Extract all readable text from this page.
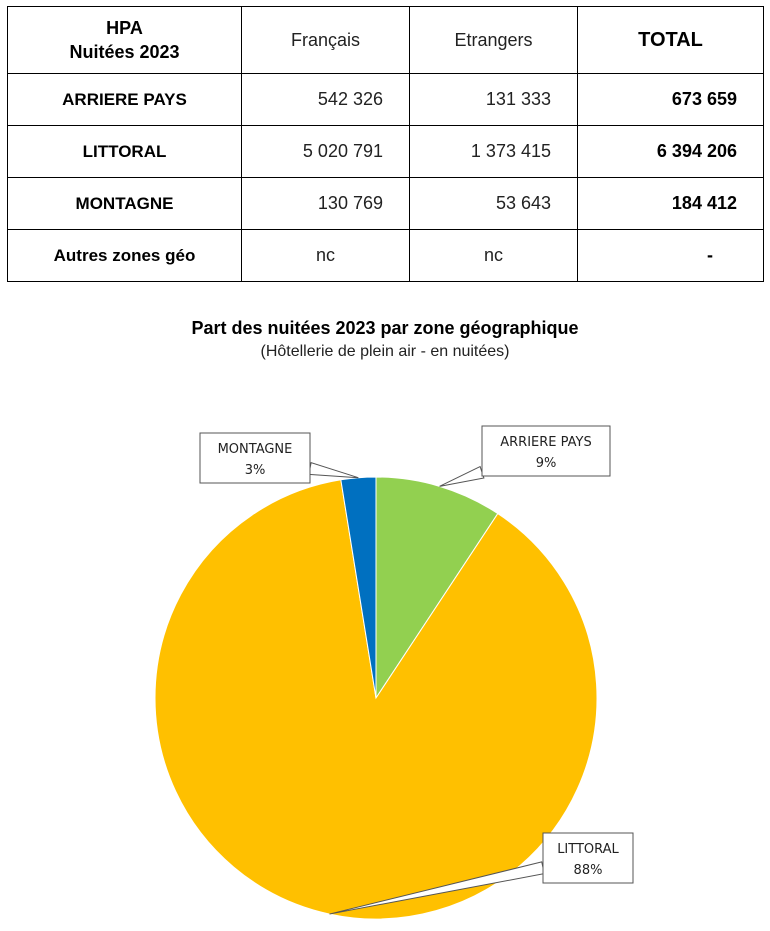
HPA
Nuitées 2023	Français	Etrangers	TOTAL
ARRIERE PAYS	542 326	131 333	673 659
LITTORAL	5 020 791	1 373 415	6 394 206
MONTAGNE	130 769	53 643	184 412
Autres zones géo	nc	nc	-
Part des nuitées 2023 par zone géographique
(Hôtellerie de plein air - en nuitées)
ARRIERE PAYS
9%
LITTORAL
88%
MONTAGNE
3%
